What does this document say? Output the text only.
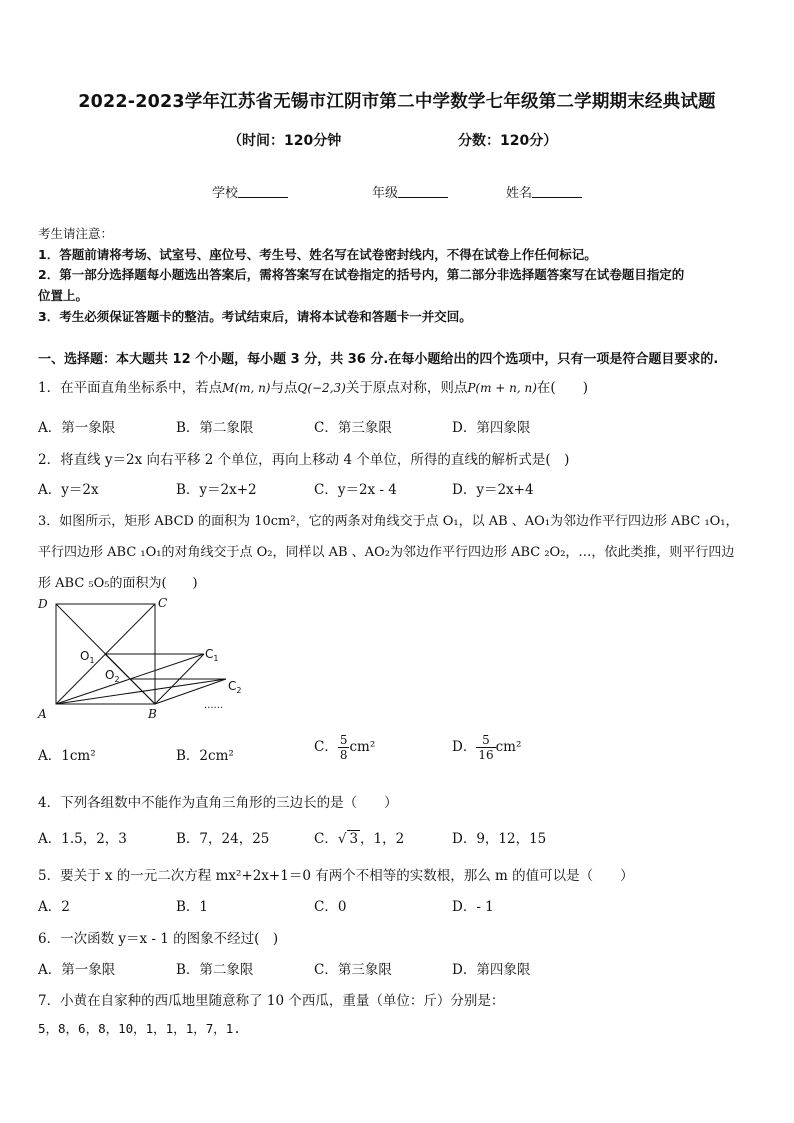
2022-2023学年江苏省无锡市江阴市第二中学数学七年级第二学期期末经典试题
（时间：120分钟	分数：120分）
学校	年级	姓名
考生请注意：
1．答题前请将考场、试室号、座位号、考生号、姓名写在试卷密封线内，不得在试卷上作任何标记。
2．第一部分选择题每小题选出答案后，需将答案写在试卷指定的括号内，第二部分非选择题答案写在试卷题目指定的
位置上。
3．考生必须保证答题卡的整洁。考试结束后，请将本试卷和答题卡一并交回。
一、选择题：本大题共 12 个小题，每小题 3 分，共 36 分.在每小题给出的四个选项中，只有一项是符合题目要求的.
1．在平面直角坐标系中，若点M(m, n)与点Q(−2,3)关于原点对称，则点P(m + n, n)在(　　)
A．第一象限	B．第二象限	C．第三象限	D．第四象限
2．将直线 y＝2x 向右平移 2 个单位，再向上移动 4 个单位，所得的直线的解析式是(　)
A．y＝2x	B．y＝2x+2	C．y＝2x - 4	D．y＝2x+4
3．如图所示，矩形 ABCD 的面积为 10cm²，它的两条对角线交于点 O₁，以 AB 、AO₁为邻边作平行四边形 ABC ₁O₁，
平行四边形 ABC ₁O₁的对角线交于点 O₂，同样以 AB 、AO₂为邻边作平行四边形 ABC ₂O₂，…，依此类推，则平行四边
形 ABC ₅O₅的面积为(　　)
D	C
A	B
$O_1$
$O_2$
$C_1$
$C_2$
......
A．1cm²	B．2cm²
C． $\frac{5}{8} cm^2$	D． $\frac{5}{16} cm^2$
4．下列各组数中不能作为直角三角形的三边长的是（　　）
A．1.5，2，3	B．7，24，25	C．√ 3 ，1，2	D．9，12，15
5．要关于 x 的一元二次方程 mx²+2x+1＝0 有两个不相等的实数根，那么 m 的值可以是（　　）
A．2	B．1	C．0	D．- 1
6．一次函数 y＝x - 1 的图象不经过(　)
A．第一象限	B．第二象限	C．第三象限	D．第四象限
7．小黄在自家种的西瓜地里随意称了 10 个西瓜，重量（单位：斤）分别是：
5，8，6，8，10，1，1，1，7，1.
